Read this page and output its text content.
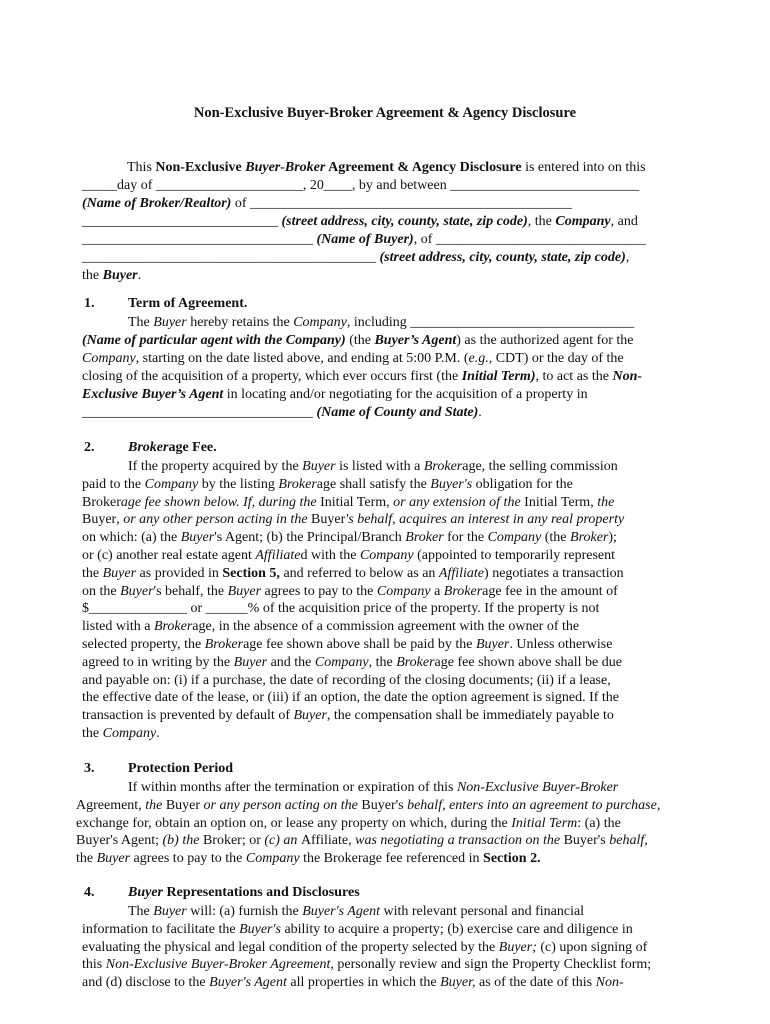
Non-Exclusive Buyer-Broker Agreement & Agency Disclosure
This Non-Exclusive Buyer-Broker Agreement & Agency Disclosure is entered into on this
_____day of _____________________, 20____, by and between ___________________________
(Name of Broker/Realtor) of ______________________________________________
____________________________ (street address, city, county, state, zip code), the Company, and
_________________________________ (Name of Buyer), of ______________________________
__________________________________________ (street address, city, county, state, zip code),
the Buyer.
1. Term of Agreement.
The Buyer hereby retains the Company, including ________________________________
(Name of particular agent with the Company) (the Buyer’s Agent) as the authorized agent for the
Company, starting on the date listed above, and ending at 5:00 P.M. (e.g., CDT) or the day of the
closing of the acquisition of a property, which ever occurs first (the Initial Term), to act as the Non-
Exclusive Buyer’s Agent in locating and/or negotiating for the acquisition of a property in
_________________________________ (Name of County and State).
2. Brokerage Fee.
If the property acquired by the Buyer is listed with a Brokerage, the selling commission
paid to the Company by the listing Brokerage shall satisfy the Buyer's obligation for the
Brokerage fee shown below. If, during the Initial Term, or any extension of the Initial Term, the
Buyer, or any other person acting in the Buyer's behalf, acquires an interest in any real property
on which: (a) the Buyer's Agent; (b) the Principal/Branch Broker for the Company (the Broker);
or (c) another real estate agent Affiliated with the Company (appointed to temporarily represent
the Buyer as provided in Section 5, and referred to below as an Affiliate) negotiates a transaction
on the Buyer's behalf, the Buyer agrees to pay to the Company a Brokerage fee in the amount of
$______________ or ______% of the acquisition price of the property. If the property is not
listed with a Brokerage, in the absence of a commission agreement with the owner of the
selected property, the Brokerage fee shown above shall be paid by the Buyer. Unless otherwise
agreed to in writing by the Buyer and the Company, the Brokerage fee shown above shall be due
and payable on: (i) if a purchase, the date of recording of the closing documents; (ii) if a lease,
the effective date of the lease, or (iii) if an option, the date the option agreement is signed. If the
transaction is prevented by default of Buyer, the compensation shall be immediately payable to
the Company.
3. Protection Period
If within months after the termination or expiration of this Non-Exclusive Buyer-Broker
Agreement, the Buyer or any person acting on the Buyer's behalf, enters into an agreement to purchase,
exchange for, obtain an option on, or lease any property on which, during the Initial Term: (a) the
Buyer's Agent; (b) the Broker; or (c) an Affiliate, was negotiating a transaction on the Buyer's behalf,
the Buyer agrees to pay to the Company the Brokerage fee referenced in Section 2.
4. Buyer Representations and Disclosures
The Buyer will: (a) furnish the Buyer's Agent with relevant personal and financial
information to facilitate the Buyer's ability to acquire a property; (b) exercise care and diligence in
evaluating the physical and legal condition of the property selected by the Buyer; (c) upon signing of
this Non-Exclusive Buyer-Broker Agreement, personally review and sign the Property Checklist form;
and (d) disclose to the Buyer's Agent all properties in which the Buyer, as of the date of this Non-
